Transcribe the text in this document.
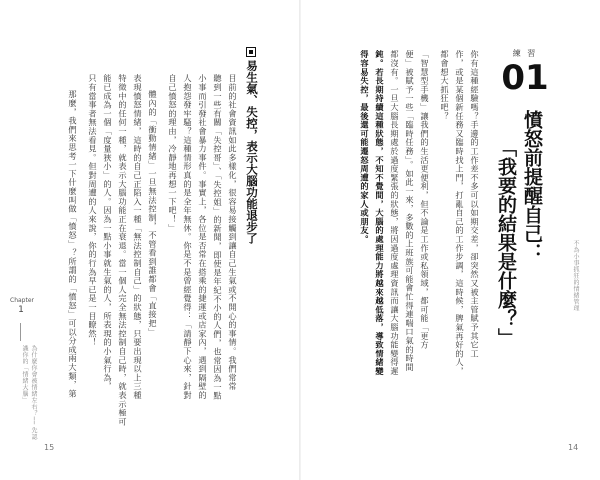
為什麼你會被情緒左右？── 先認識你的「情緒大腦」
Chapter
1
15
易生氣、失控，表示大腦功能退步了
目前的社會資訊如此多樣化，很容易接觸到讓自己生氣或不開心的事情。我們常常
聽到一些有關「失控哥」、「失控姐」的新聞，即使是年紀不小的人們，也常因為一點
小事而引發社會暴力事件。事實上，各位是否常在搭乘的捷運或店家內，遇到隔壁的
人抱怨發牢騷？這種情形真的是全年無休。你是不是曾經覺得：「請靜下心來，針對
自己憤怒的理由，冷靜地再想一下吧！」
體內的「衝動情緒」一旦無法控制，不管看到誰都會「直接把」
表現憤怒情緒，這時的自己正陷入一種「無法控制自己」的狀態，只要出現以上三種
特徵中的任何一種，就表示大腦功能正在衰退。當一個人完全無法控制自己時，就表示極可
能已成為一個「度量狹小」的人。因為一點小事就生氣的人，所表現的小氣行為，
只有當事者無法看見。但對周遭的人來說，你的行為早已是一目瞭然！
那麼，我們來思考一下什麼叫做「憤怒」？所謂的「憤怒」可以分成兩大類，第
14
不為小事抓狂的情緒管理
練 習
01
憤怒前提醒自己：
「我要的結果是什麼？」
你有這種經驗嗎？手邊的工作差不多可以如期交差，卻突然又被主管賦予其它工
作，或是某個新任務又臨時找上門，打亂自己的工作步調，這時候，脾氣再好的人，
都會想大抓狂吧？
「智慧型手機」讓我們的生活更便利，但不論是工作或私領域，都可能「更方
便」被賦予一些「臨時任務」。如此一來，多數的上班族可能會忙得連喘口氣的時間
都沒有。一旦大腦長期處於過度緊張的狀態，將因過度處理資訊而讓大腦功能變得遲
鈍。若長期持續這種狀態，不知不覺間，大腦的處理能力將越來越低落，導致情緒變
得容易失控，最後還可能遷怒周遭的家人或朋友。
